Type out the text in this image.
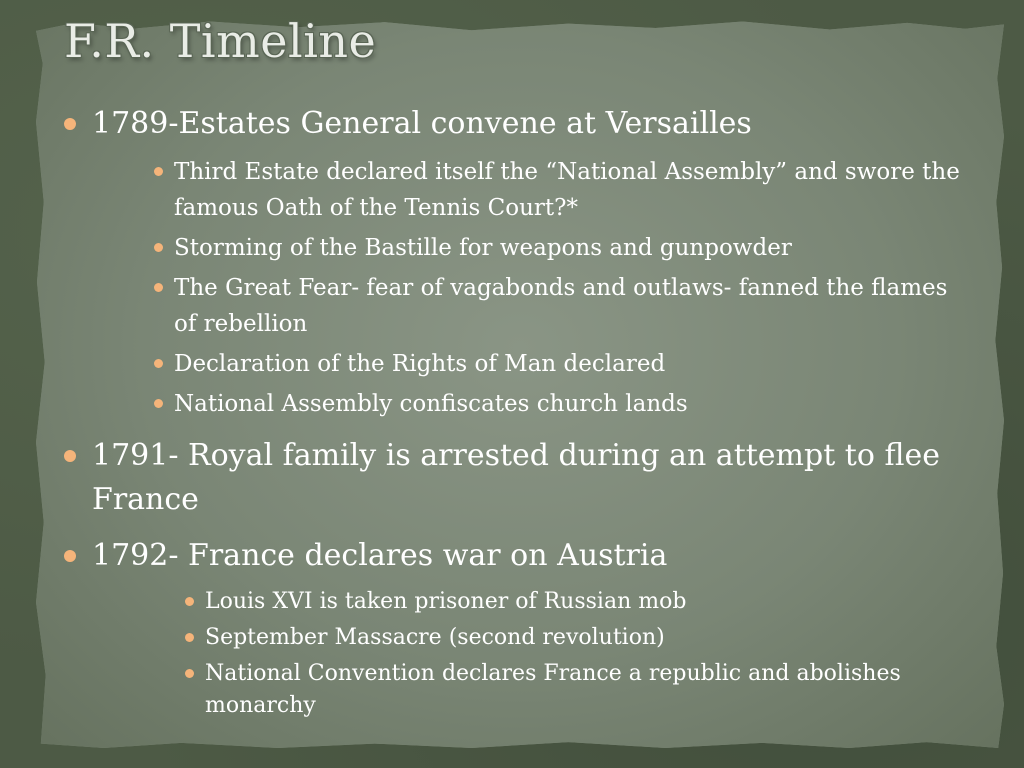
F.R. Timeline
1789-Estates General convene at Versailles
Third Estate declared itself the “National Assembly” and swore the famous Oath of the Tennis Court?*
Storming of the Bastille for weapons and gunpowder
The Great Fear- fear of vagabonds and outlaws- fanned the flames of rebellion
Declaration of the Rights of Man declared
National Assembly confiscates church lands
1791- Royal family is arrested during an attempt to flee France
1792- France declares war on Austria
Louis XVI is taken prisoner of Russian mob
September Massacre (second revolution)
National Convention declares France a republic and abolishes monarchy
